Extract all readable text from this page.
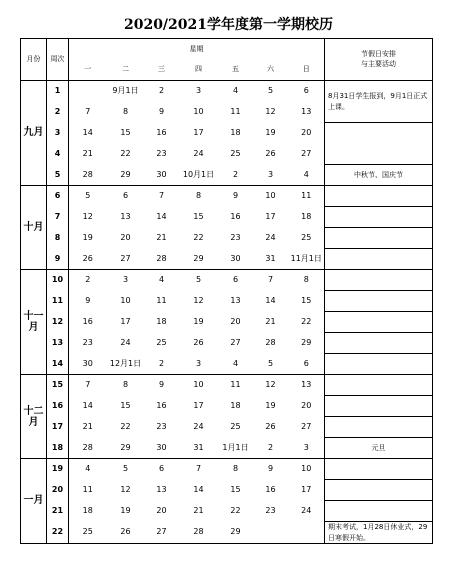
2020/2021学年度第一学期校历
月份	周次	星期							节假日安排
与主要活动
		一	二	三	四	五	六	日	
九月	1		9月1日	2	3	4	5	6	8月31日学生报到，9月1日正式上课。
	2	7	8	9	10	11	12	13	
	3	14	15	16	17	18	19	20	
	4	21	22	23	24	25	26	27	
	5	28	29	30	10月1日	2	3	4	中秋节、国庆节
十月	6	5	6	7	8	9	10	11	
	7	12	13	14	15	16	17	18	
	8	19	20	21	22	23	24	25	
	9	26	27	28	29	30	31	11月1日	
十一
月	10	2	3	4	5	6	7	8	
	11	9	10	11	12	13	14	15	
	12	16	17	18	19	20	21	22	
	13	23	24	25	26	27	28	29	
	14	30	12月1日	2	3	4	5	6	
十二
月	15	7	8	9	10	11	12	13	
	16	14	15	16	17	18	19	20	
	17	21	22	23	24	25	26	27	
	18	28	29	30	31	1月1日	2	3	元旦
一月	19	4	5	6	7	8	9	10	
	20	11	12	13	14	15	16	17	
	21	18	19	20	21	22	23	24	
	22	25	26	27	28	29			期末考试，1月28日休业式，29日寒假开始。
